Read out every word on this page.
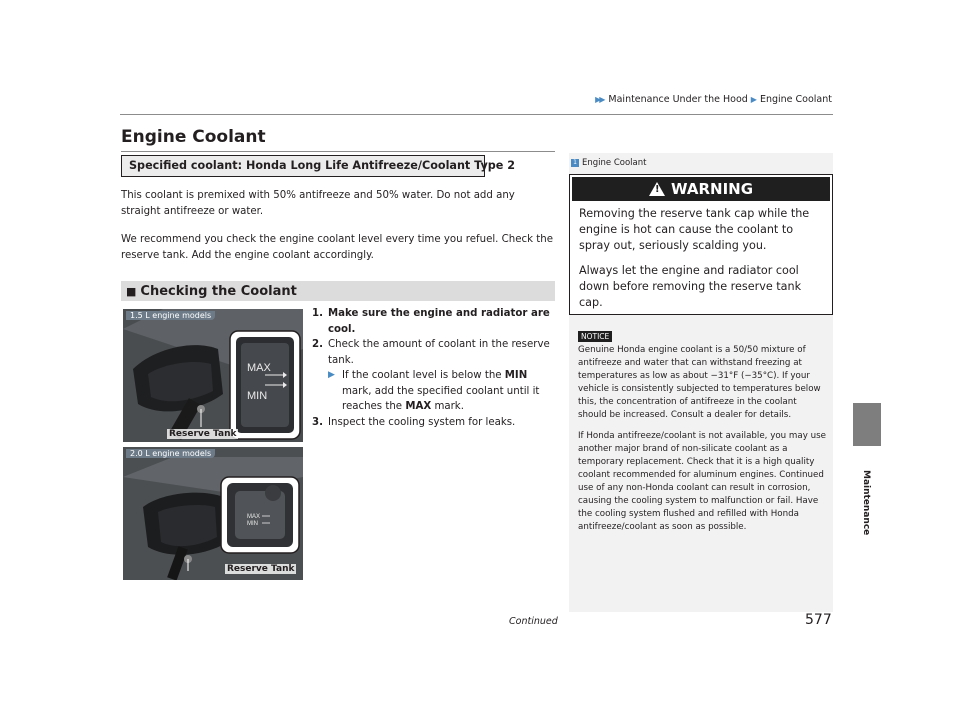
▶▶ Maintenance Under the Hood ▶ Engine Coolant
Engine Coolant
Specified coolant: Honda Long Life Antifreeze/Coolant Type 2

This coolant is premixed with 50% antifreeze and 50% water. Do not add any straight antifreeze or water.

We recommend you check the engine coolant level every time you refuel. Check the reserve tank. Add the engine coolant accordingly.

■ Checking the Coolant
MAX
MIN
1.5 L engine models
Reserve Tank
MAX
MIN
2.0 L engine models
Reserve Tank
1. Make sure the engine and radiator are cool.
2. Check the amount of coolant in the reserve tank.
▶ If the coolant level is below the MIN mark, add the specified coolant until it reaches the MAX mark.
3. Inspect the cooling system for leaks.
1 Engine Coolant
! WARNING

Removing the reserve tank cap while the engine is hot can cause the coolant to spray out, seriously scalding you.

Always let the engine and radiator cool down before removing the reserve tank cap.

NOTICE

Genuine Honda engine coolant is a 50/50 mixture of antifreeze and water that can withstand freezing at temperatures as low as about −31°F (−35°C). If your vehicle is consistently subjected to temperatures below this, the concentration of antifreeze in the coolant should be increased. Consult a dealer for details.

If Honda antifreeze/coolant is not available, you may use another major brand of non-silicate coolant as a temporary replacement. Check that it is a high quality coolant recommended for aluminum engines. Continued use of any non-Honda coolant can result in corrosion, causing the cooling system to malfunction or fail. Have the cooling system flushed and refilled with Honda antifreeze/coolant as soon as possible.	Maintenance
Continued	577
